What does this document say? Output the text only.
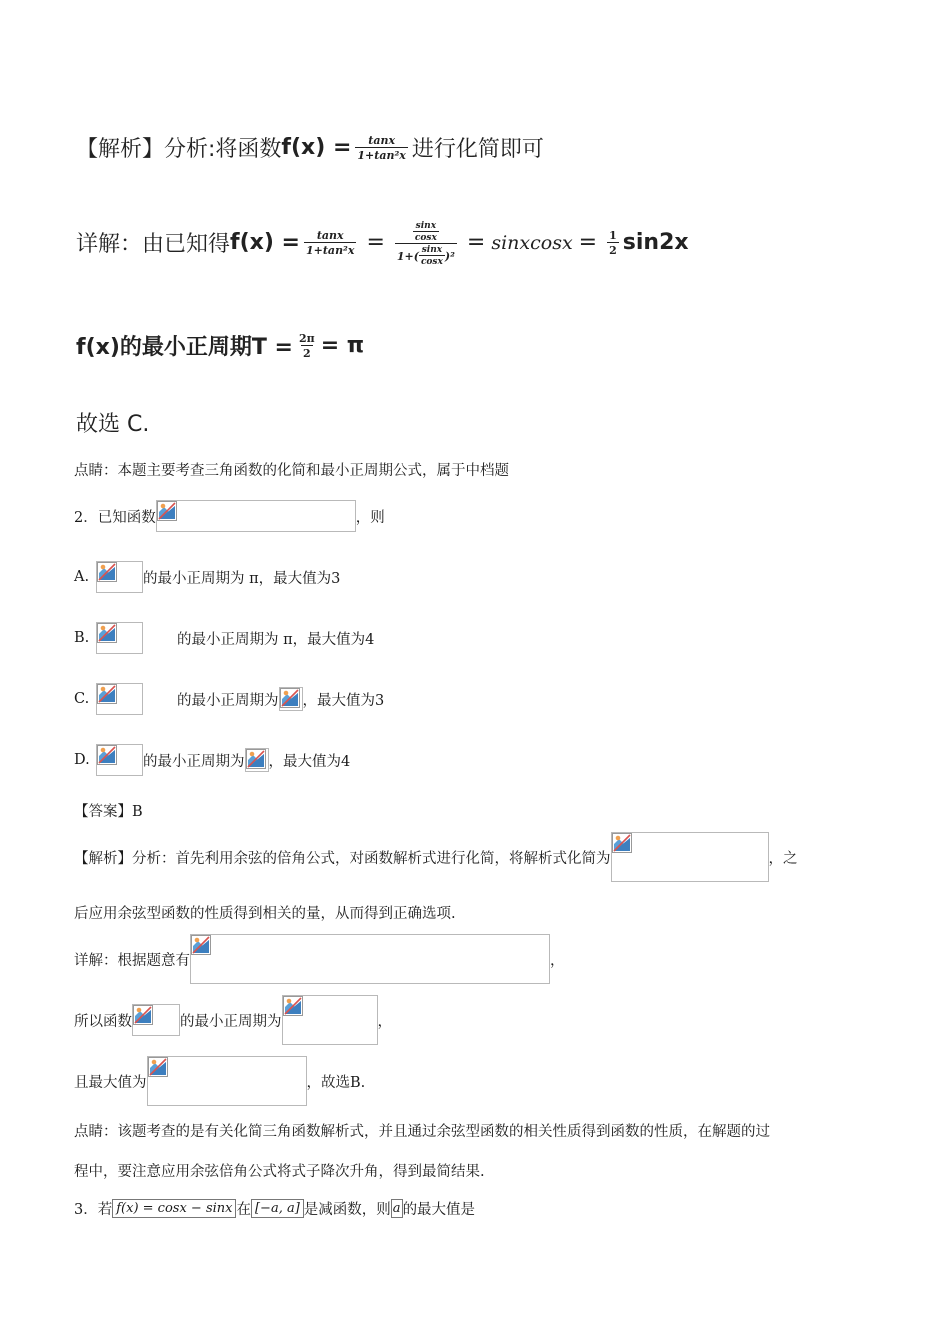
【解析】分析:将函数 $f(x) = \frac{\tan x}{\text{1+tan²x}}$ 进行化简即可
详解：由已知得 $f(x) = \frac{\tan x}{\text{1+tan²x}}$ =	$\frac{\sin x}{\cos x}$
$1+( \frac{\sin x}{\cos x} )^2$
= sinxcosx = $\frac{1}{2} \sin 2x$
f(x)的最小正周期$T = \frac{2\pi}{2} = \pi$
故选 C.
点睛：本题主要考查三角函数的化简和最小正周期公式，属于中档题
2．已知函数	，则
A.	的最小正周期为 π，最大值为3
B.	的最小正周期为 π，最大值为4
C.	的最小正周期为 ，最大值为3
D.	的最小正周期为 ，最大值为4
【答案】B
【解析】分析：首先利用余弦的倍角公式，对函数解析式进行化简，将解析式化简为	，之
后应用余弦型函数的性质得到相关的量，从而得到正确选项.
详解：根据题意有	，
所以函数	的最小正周期为	，
且最大值为	，故选B.
点睛：该题考查的是有关化简三角函数解析式，并且通过余弦型函数的相关性质得到函数的性质，在解题的过
程中，要注意应用余弦倍角公式将式子降次升角，得到最简结果.
3．若 f(x) = cosx − sinx 在 [−a, a] 是减函数，则 a 的最大值是
